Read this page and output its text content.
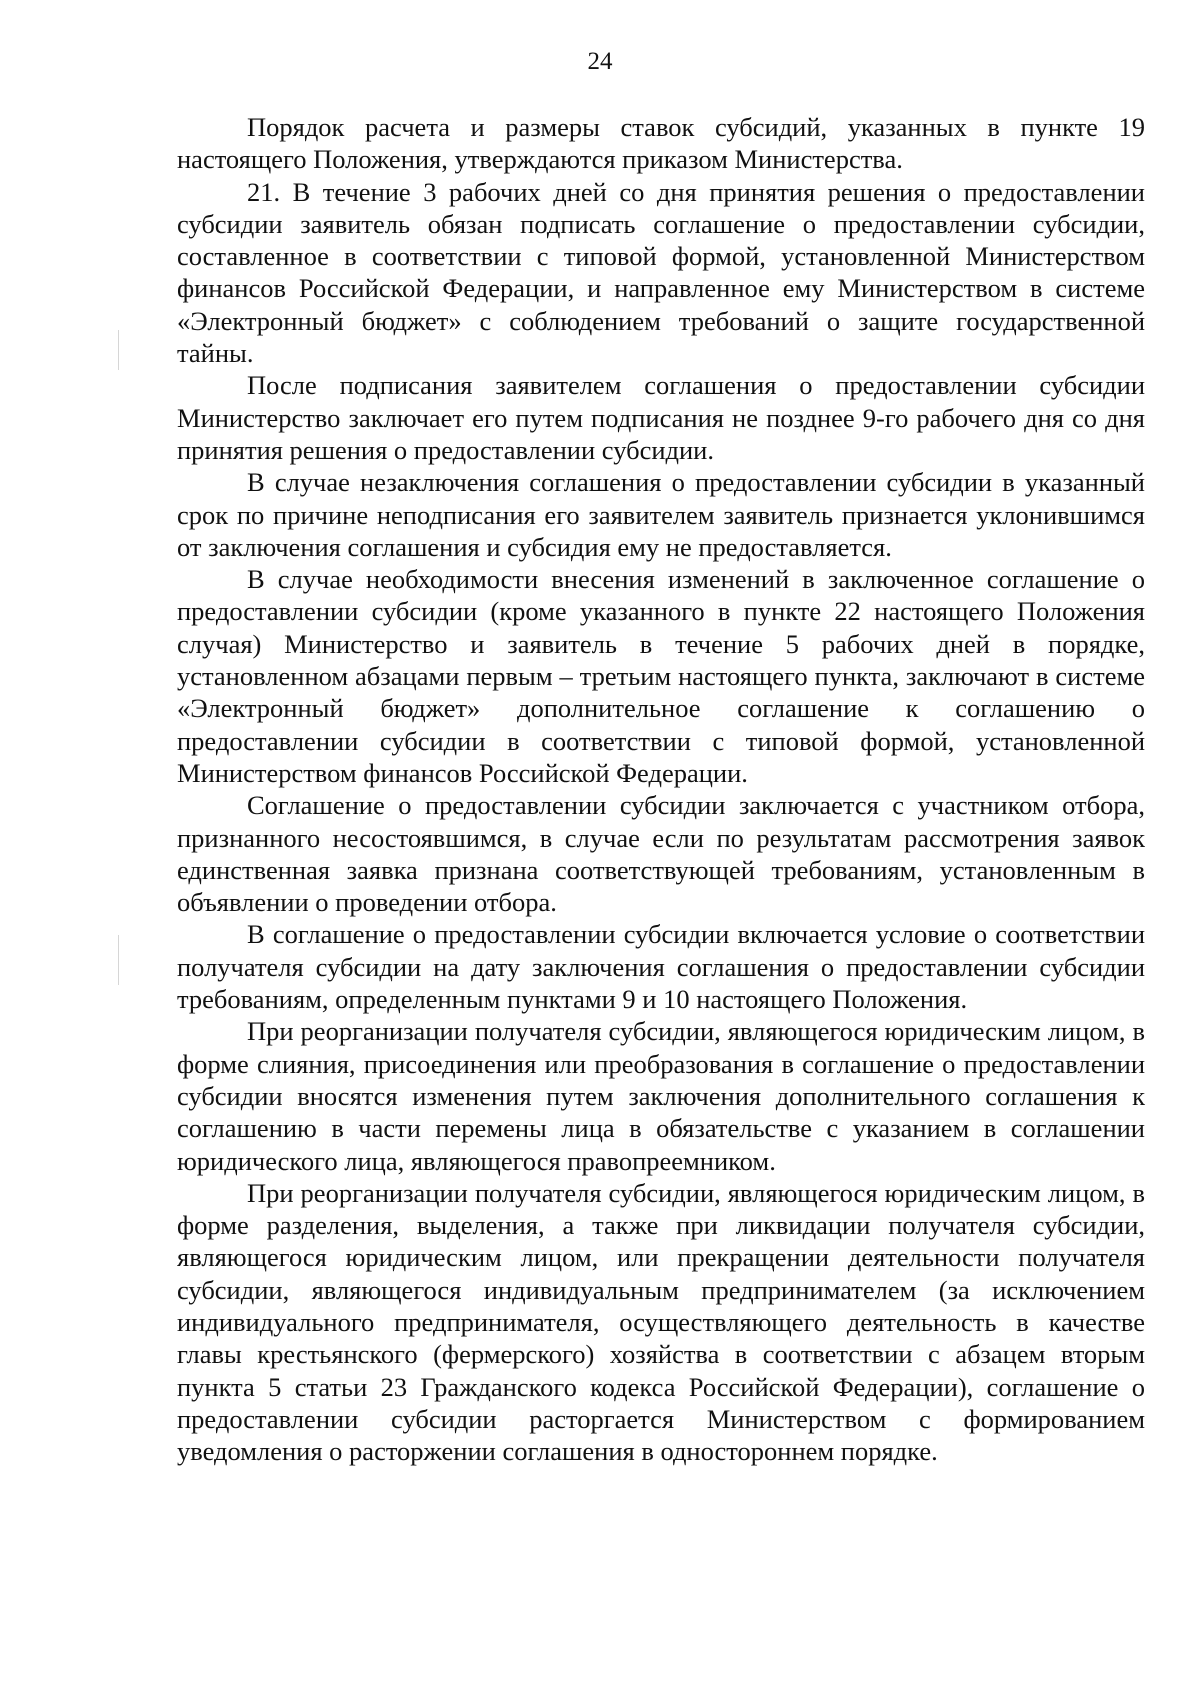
24

Порядок расчета и размеры ставок субсидий, указанных в пункте 19 настоящего Положения, утверждаются приказом Министерства.

21. В течение 3 рабочих дней со дня принятия решения о предоставлении субсидии заявитель обязан подписать соглашение о предоставлении субсидии, составленное в соответствии с типовой формой, установленной Министерством финансов Российской Федерации, и направленное ему Министерством в системе «Электронный бюджет» с соблюдением требований о защите государственной тайны.

После подписания заявителем соглашения о предоставлении субсидии Министерство заключает его путем подписания не позднее 9-го рабочего дня со дня принятия решения о предоставлении субсидии.

В случае незаключения соглашения о предоставлении субсидии в указанный срок по причине неподписания его заявителем заявитель признается уклонившимся от заключения соглашения и субсидия ему не предоставляется.

В случае необходимости внесения изменений в заключенное соглашение о предоставлении субсидии (кроме указанного в пункте 22 настоящего Положения случая) Министерство и заявитель в течение 5 рабочих дней в порядке, установленном абзацами первым – третьим настоящего пункта, заключают в системе «Электронный бюджет» дополнительное соглашение к соглашению о предоставлении субсидии в соответствии с типовой формой, установленной Министерством финансов Российской Федерации.

Соглашение о предоставлении субсидии заключается с участником отбора, признанного несостоявшимся, в случае если по результатам рассмотрения заявок единственная заявка признана соответствующей требованиям, установленным в объявлении о проведении отбора.

В соглашение о предоставлении субсидии включается условие о соответствии получателя субсидии на дату заключения соглашения о предоставлении субсидии требованиям, определенным пунктами 9 и 10 настоящего Положения.

При реорганизации получателя субсидии, являющегося юридическим лицом, в форме слияния, присоединения или преобразования в соглашение о предоставлении субсидии вносятся изменения путем заключения дополнительного соглашения к соглашению в части перемены лица в обязательстве с указанием в соглашении юридического лица, являющегося правопреемником.

При реорганизации получателя субсидии, являющегося юридическим лицом, в форме разделения, выделения, а также при ликвидации получателя субсидии, являющегося юридическим лицом, или прекращении деятельности получателя субсидии, являющегося индивидуальным предпринимателем (за исключением индивидуального предпринимателя, осуществляющего деятельность в качестве главы крестьянского (фермерского) хозяйства в соответствии с абзацем вторым пункта 5 статьи 23 Гражданского кодекса Российской Федерации), соглашение о предоставлении субсидии расторгается Министерством с формированием уведомления о расторжении соглашения в одностороннем порядке.
